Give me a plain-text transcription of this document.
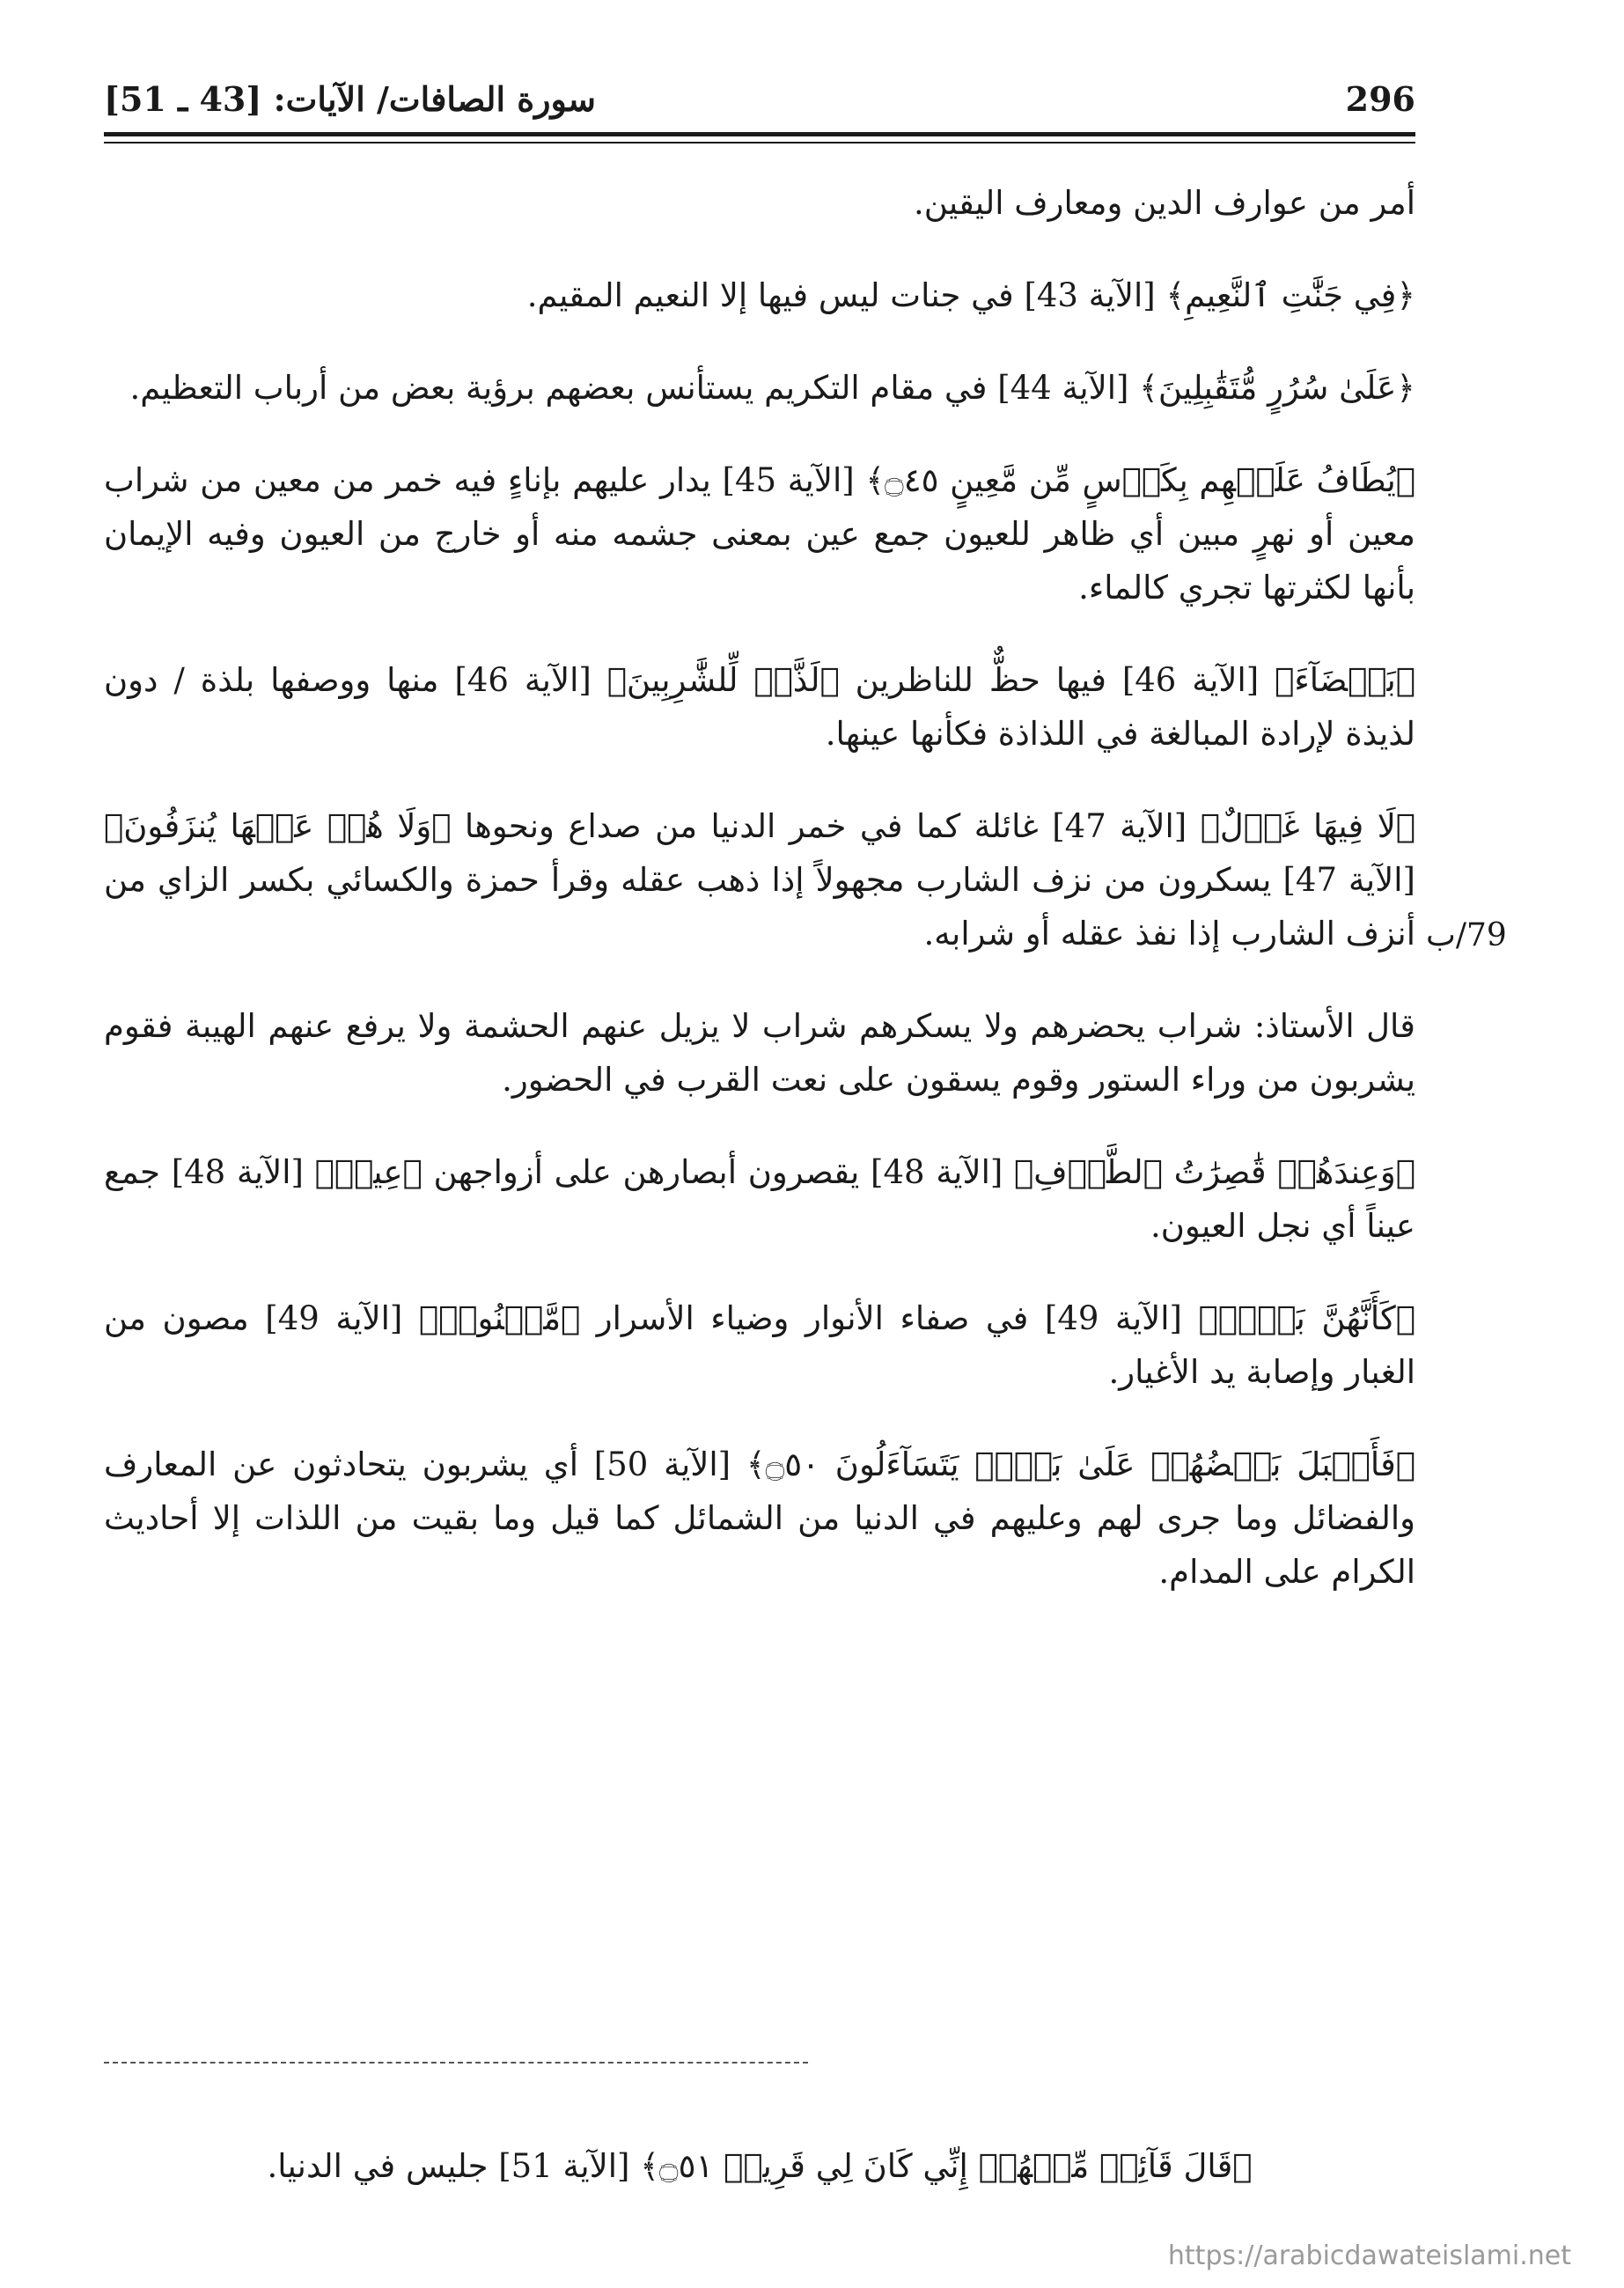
سورة الصافات/ الآيات: [43 ـ 51]	296

أمر من عوارف الدين ومعارف اليقين.

﴿فِي جَنَّٰتِ ٱلنَّعِيمِ﴾ [الآية 43] في جنات ليس فيها إلا النعيم المقيم.

﴿عَلَىٰ سُرُرٍ مُّتَقَٰبِلِينَ﴾ [الآية 44] في مقام التكريم يستأنس بعضهم برؤية بعض من أرباب التعظيم.

﴿يُطَافُ عَلَيۡهِم بِكَأۡسٍ مِّن مَّعِينٍ ۝٤٥﴾ [الآية 45] يدار عليهم بإناءٍ فيه خمر من معين من شراب معين أو نهرٍ مبين أي ظاهر للعيون جمع عين بمعنى جشمه منه أو خارج من العيون وفيه الإيمان بأنها لكثرتها تجري كالماء.

﴿بَيۡضَآءَ﴾ [الآية 46] فيها حظٌّ للناظرين ﴿لَذَّةٖ لِّلشَّٰرِبِينَ﴾ [الآية 46] منها ووصفها بلذة / دون لذيذة لإرادة المبالغة في اللذاذة فكأنها عينها.

﴿لَا فِيهَا غَوۡلٌ﴾ [الآية 47] غائلة كما في خمر الدنيا من صداع ونحوها ﴿وَلَا هُمۡ عَنۡهَا يُنزَفُونَ﴾ [الآية 47] يسكرون من نزف الشارب مجهولاً إذا ذهب عقله وقرأ حمزة والكسائي بكسر الزاي من أنزف الشارب إذا نفذ عقله أو شرابه.

قال الأستاذ: شراب يحضرهم ولا يسكرهم شراب لا يزيل عنهم الحشمة ولا يرفع عنهم الهيبة فقوم يشربون من وراء الستور وقوم يسقون على نعت القرب في الحضور.

﴿وَعِندَهُمۡ قَٰصِرَٰتُ ٱلطَّرۡفِ﴾ [الآية 48] يقصرون أبصارهن على أزواجهن ﴿عِينٞ﴾ [الآية 48] جمع عيناً أي نجل العيون.

﴿كَأَنَّهُنَّ بَيۡضٞ﴾ [الآية 49] في صفاء الأنوار وضياء الأسرار ﴿مَّكۡنُونٞ﴾ [الآية 49] مصون من الغبار وإصابة يد الأغيار.

﴿فَأَقۡبَلَ بَعۡضُهُمۡ عَلَىٰ بَعۡضٖ يَتَسَآءَلُونَ ۝٥٠﴾ [الآية 50] أي يشربون يتحادثون عن المعارف والفضائل وما جرى لهم وعليهم في الدنيا من الشمائل كما قيل وما بقيت من اللذات إلا أحاديث الكرام على المدام.

79/ب
﴿قَالَ قَآئِلٞ مِّنۡهُمۡ إِنِّي كَانَ لِي قَرِينٞ ۝٥١﴾ [الآية 51] جليس في الدنيا.
https://arabicdawateislami.net
